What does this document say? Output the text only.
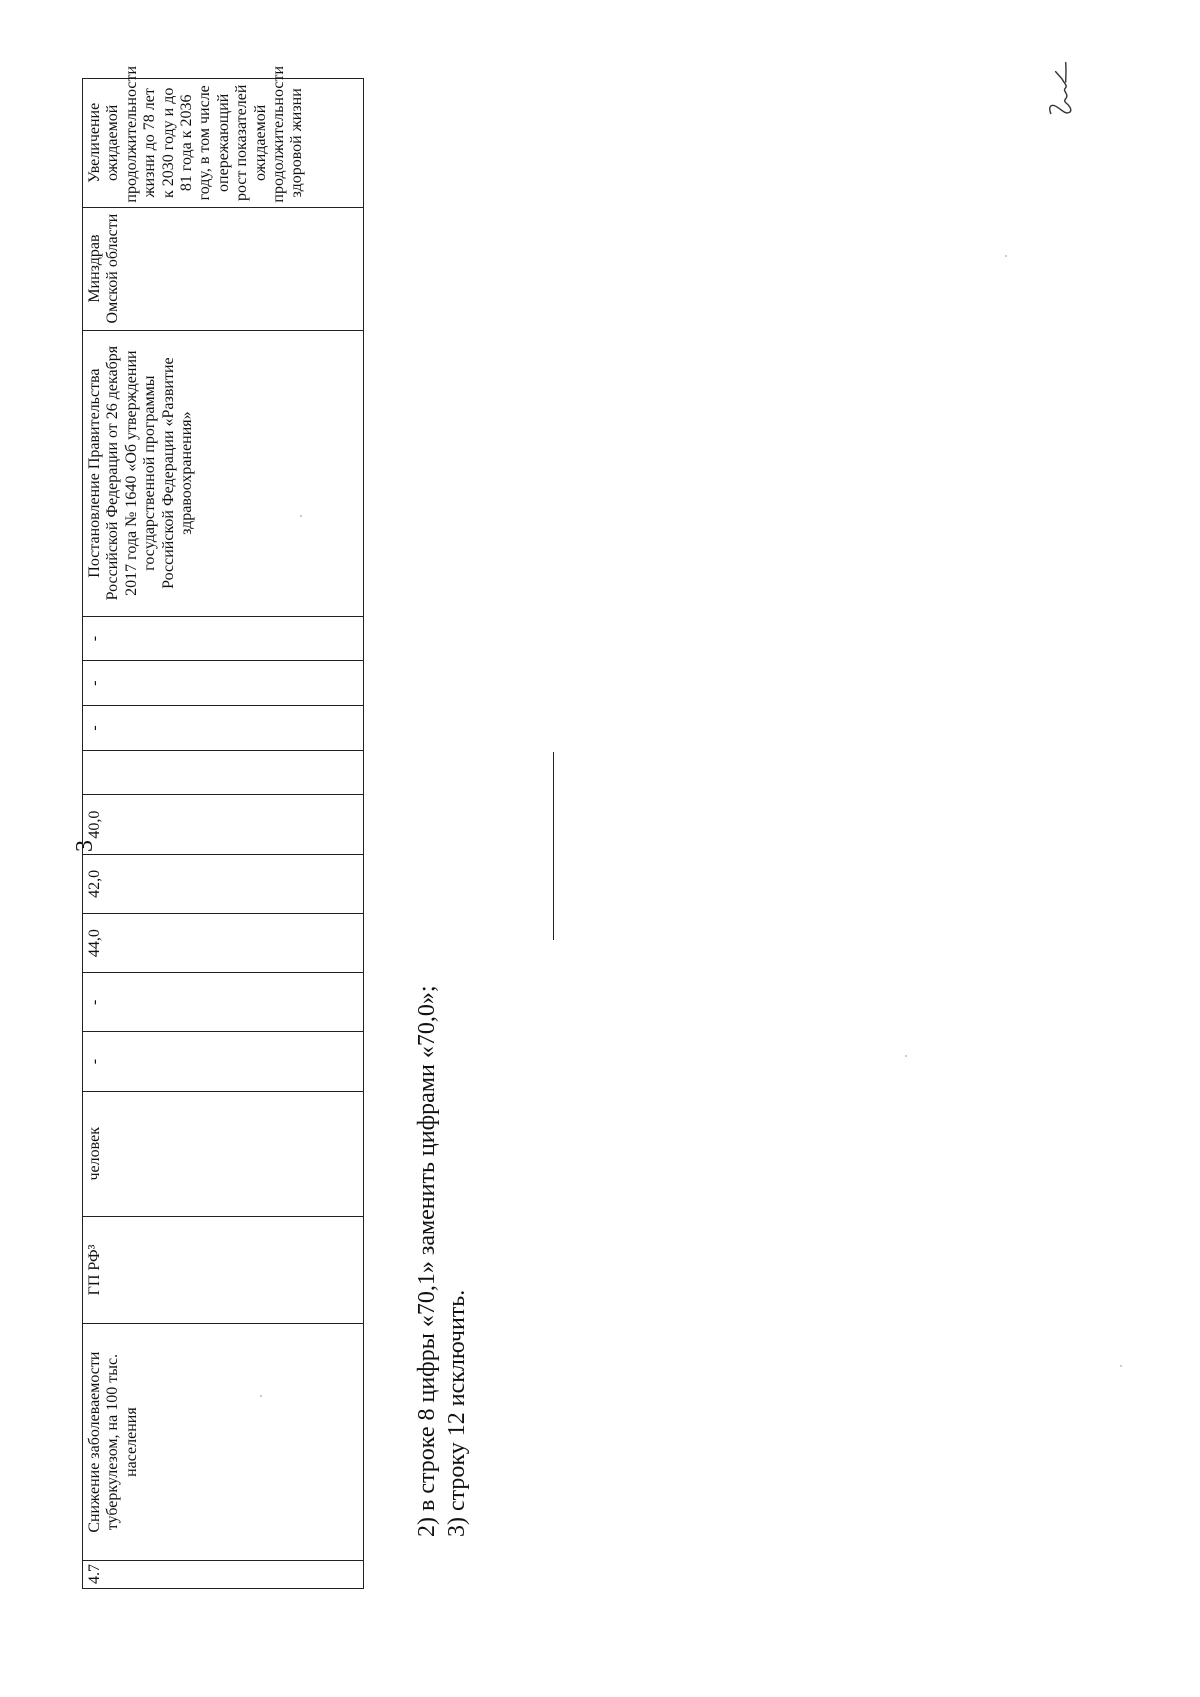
3
4.7	Снижение заболеваемости туберкулезом, на 100 тыс. населения	ГП РФ³	человек	-	-	44,0	42,0	40,0		-	-	-	Постановление Правительства Российской Федерации от 26 декабря 2017 года № 1640 «Об утверждении государственной программы Российской Федерации «Развитие здравоохранения»	Минздрав Омской области	Увеличение ожидаемой продолжительности жизни до 78 лет к 2030 году и до 81 года к 2036 году, в том числе опережающий рост показателей ожидаемой продолжительности здоровой жизни
2) в строке 8 цифры «70,1» заменить цифрами «70,0»; 3) строку 12 исключить.
